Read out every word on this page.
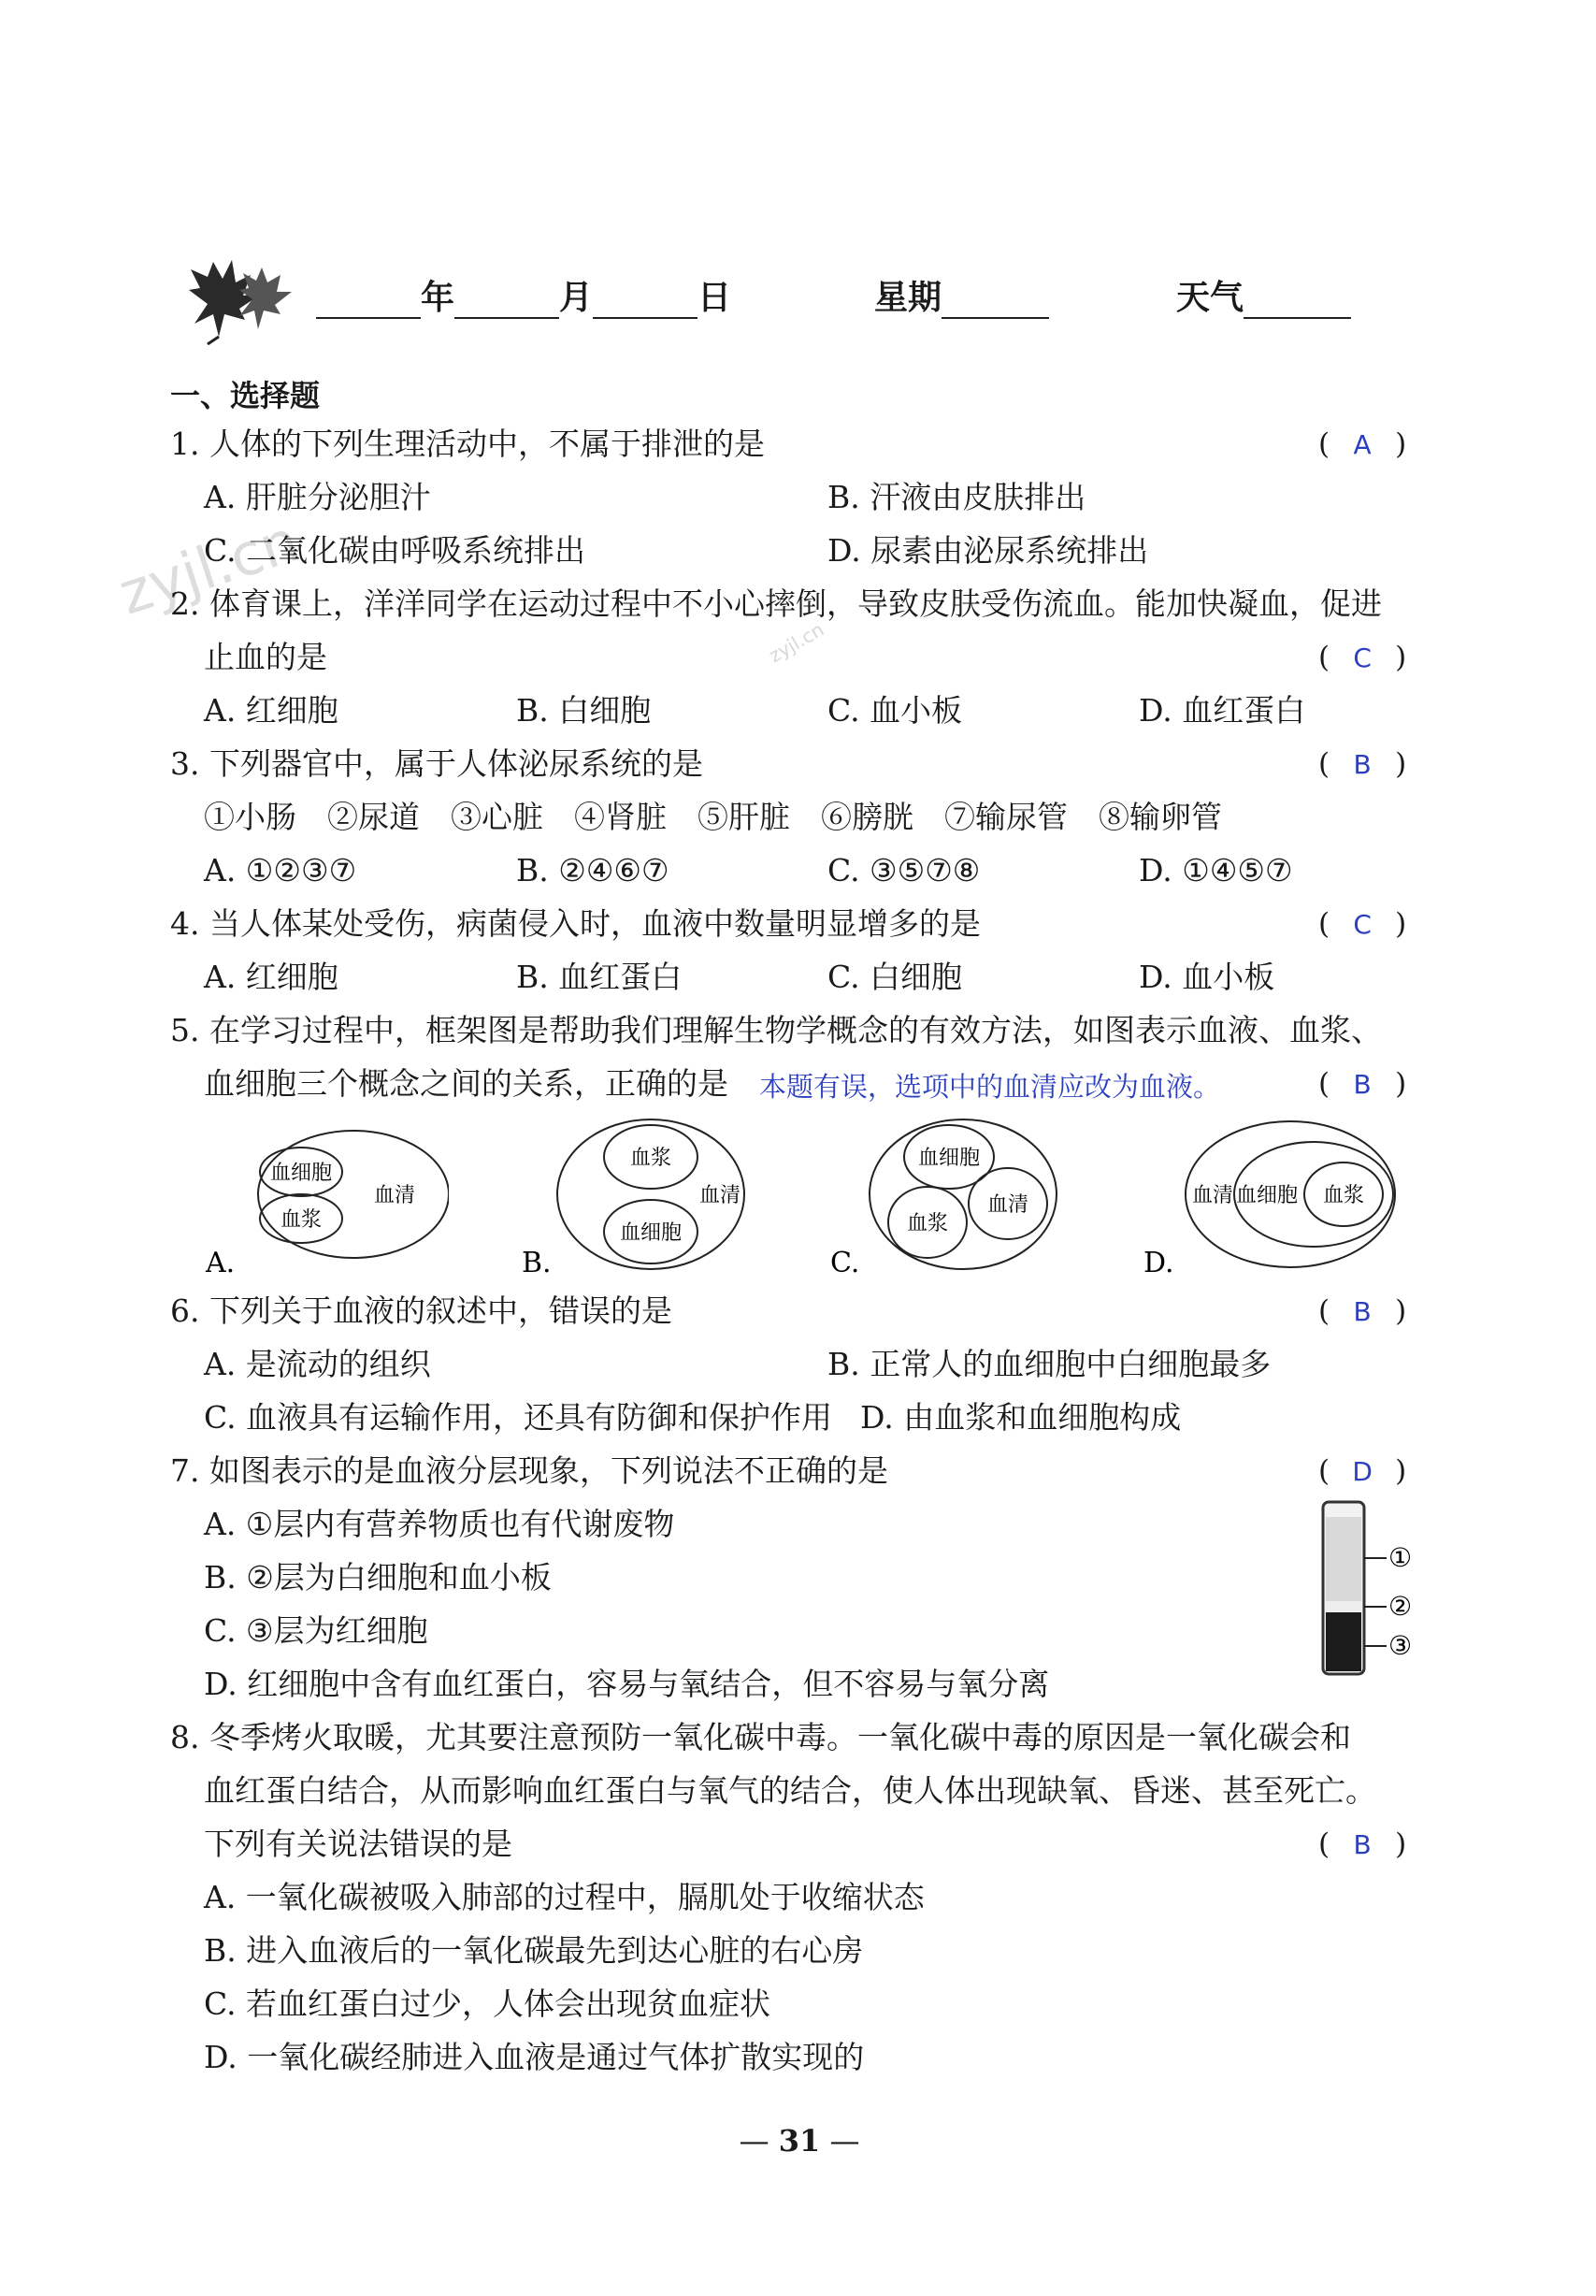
年	月	日	星期	天气
一、选择题
zyjl.cn
zyjl.cn
1. 人体的下列生理活动中，不属于排泄的是	( A )
A. 肝脏分泌胆汁	B. 汗液由皮肤排出
C. 二氧化碳由呼吸系统排出	D. 尿素由泌尿系统排出
2. 体育课上，洋洋同学在运动过程中不小心摔倒，导致皮肤受伤流血。能加快凝血，促进
止血的是	( C )
A. 红细胞	B. 白细胞	C. 血小板	D. 血红蛋白
3. 下列器官中，属于人体泌尿系统的是	( B )
①小肠　②尿道　③心脏　④肾脏　⑤肝脏　⑥膀胱　⑦输尿管　⑧输卵管
A. ①②③⑦	B. ②④⑥⑦	C. ③⑤⑦⑧	D. ①④⑤⑦
4. 当人体某处受伤，病菌侵入时，血液中数量明显增多的是	( C )
A. 红细胞	B. 血红蛋白	C. 白细胞	D. 血小板
5. 在学习过程中，框架图是帮助我们理解生物学概念的有效方法，如图表示血液、血浆、
血细胞三个概念之间的关系，正确的是 本题有误，选项中的血清应改为血液。	( B )
血细胞
血浆
血清
A.
血浆
血清
血细胞
B.
血细胞
血清
血浆
C.
血清 血细胞 血浆
D.
6. 下列关于血液的叙述中，错误的是	( B )
A. 是流动的组织	B. 正常人的血细胞中白细胞最多
C. 血液具有运输作用，还具有防御和保护作用 D. 由血浆和血细胞构成
7. 如图表示的是血液分层现象，下列说法不正确的是	( D )
A. ①层内有营养物质也有代谢废物
B. ②层为白细胞和血小板
C. ③层为红细胞
D. 红细胞中含有血红蛋白，容易与氧结合，但不容易与氧分离
①
②
③
8. 冬季烤火取暖，尤其要注意预防一氧化碳中毒。一氧化碳中毒的原因是一氧化碳会和
血红蛋白结合，从而影响血红蛋白与氧气的结合，使人体出现缺氧、昏迷、甚至死亡。
下列有关说法错误的是	( B )
A. 一氧化碳被吸入肺部的过程中，膈肌处于收缩状态
B. 进入血液后的一氧化碳最先到达心脏的右心房
C. 若血红蛋白过少，人体会出现贫血症状
D. 一氧化碳经肺进入血液是通过气体扩散实现的
— 31 —
